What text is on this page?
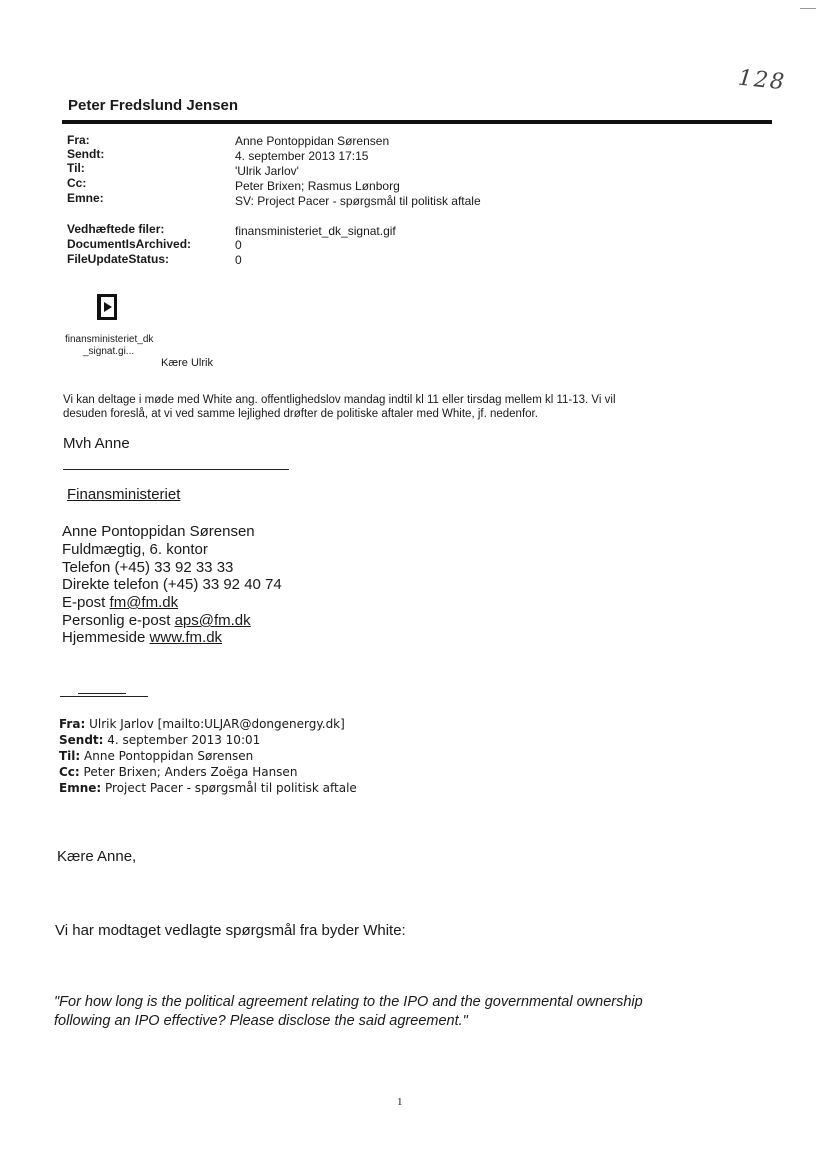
128
Peter Fredslund Jensen
Fra:	Anne Pontoppidan Sørensen
Sendt:	4. september 2013 17:15
Til:	'Ulrik Jarlov'
Cc:	Peter Brixen; Rasmus Lønborg
Emne:	SV: Project Pacer - spørgsmål til politisk aftale
Vedhæftede filer:	finansministeriet_dk_signat.gif
DocumentIsArchived:	0
FileUpdateStatus:	0
finansministeriet_dk
_signat.gi...
Kære Ulrik
Vi kan deltage i møde med White ang. offentlighedslov mandag indtil kl 11 eller tirsdag mellem kl 11-13. Vi vil
desuden foreslå, at vi ved samme lejlighed drøfter de politiske aftaler med White, jf. nedenfor.
Mvh Anne
Finansministeriet
Anne Pontoppidan Sørensen
Fuldmægtig, 6. kontor
Telefon (+45) 33 92 33 33
Direkte telefon (+45) 33 92 40 74
E-post fm@fm.dk
Personlig e-post aps@fm.dk
Hjemmeside www.fm.dk
Fra: Ulrik Jarlov [mailto:ULJAR@dongenergy.dk]
Sendt: 4. september 2013 10:01
Til: Anne Pontoppidan Sørensen
Cc: Peter Brixen; Anders Zoëga Hansen
Emne: Project Pacer - spørgsmål til politisk aftale
Kære Anne,
Vi har modtaget vedlagte spørgsmål fra byder White:
"For how long is the political agreement relating to the IPO and the governmental ownership
following an IPO effective? Please disclose the said agreement."
1
